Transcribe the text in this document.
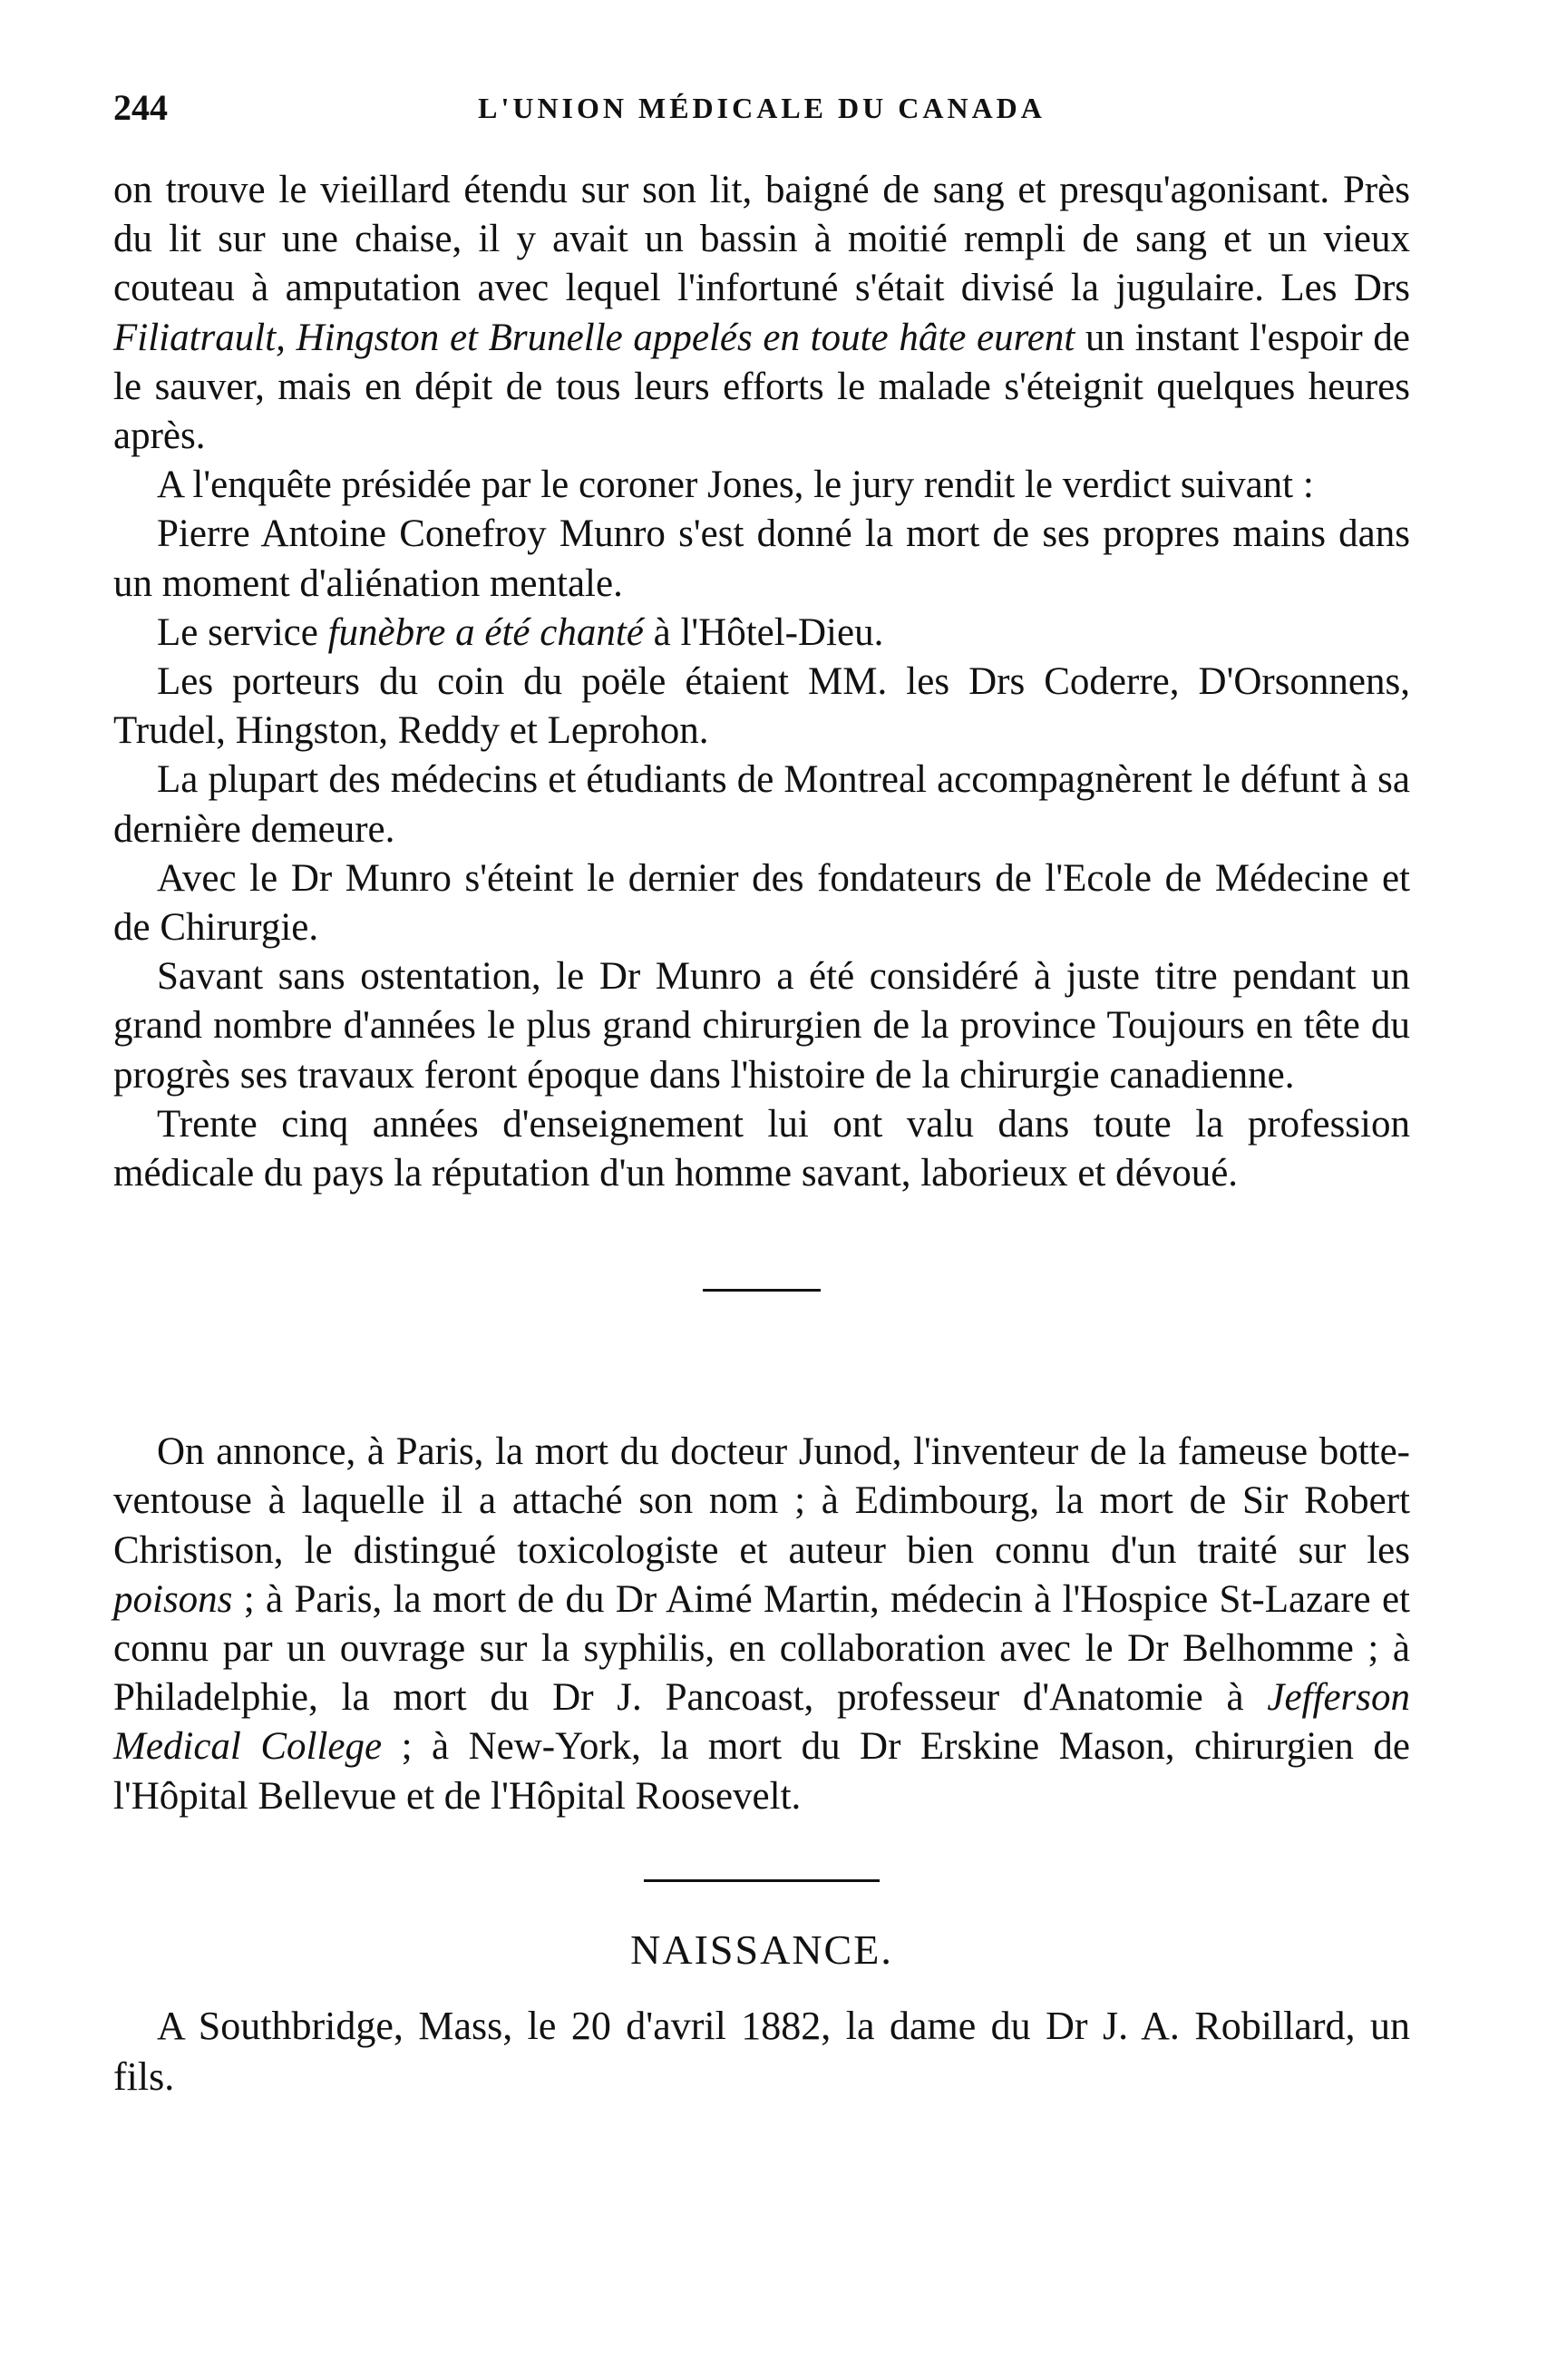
244	L'UNION MÉDICALE DU CANADA

on trouve le vieillard étendu sur son lit, baigné de sang et presqu'agonisant. Près du lit sur une chaise, il y avait un bassin à moitié rempli de sang et un vieux couteau à amputation avec lequel l'infortuné s'était divisé la jugulaire. Les Drs Filiatrault, Hingston et Brunelle appelés en toute hâte eurent un instant l'espoir de le sauver, mais en dépit de tous leurs efforts le malade s'éteignit quelques heures après.

A l'enquête présidée par le coroner Jones, le jury rendit le verdict suivant :

Pierre Antoine Conefroy Munro s'est donné la mort de ses propres mains dans un moment d'aliénation mentale.

Le service funèbre a été chanté à l'Hôtel-Dieu.

Les porteurs du coin du poële étaient MM. les Drs Coderre, D'Orsonnens, Trudel, Hingston, Reddy et Leprohon.

La plupart des médecins et étudiants de Montreal accompagnèrent le défunt à sa dernière demeure.

Avec le Dr Munro s'éteint le dernier des fondateurs de l'Ecole de Médecine et de Chirurgie.

Savant sans ostentation, le Dr Munro a été considéré à juste titre pendant un grand nombre d'années le plus grand chirurgien de la province Toujours en tête du progrès ses travaux feront époque dans l'histoire de la chirurgie canadienne.

Trente cinq années d'enseignement lui ont valu dans toute la profession médicale du pays la réputation d'un homme savant, laborieux et dévoué.

On annonce, à Paris, la mort du docteur Junod, l'inventeur de la fameuse botte-ventouse à laquelle il a attaché son nom ; à Edimbourg, la mort de Sir Robert Christison, le distingué toxicologiste et auteur bien connu d'un traité sur les poisons ; à Paris, la mort de du Dr Aimé Martin, médecin à l'Hospice St-Lazare et connu par un ouvrage sur la syphilis, en collaboration avec le Dr Belhomme ; à Philadelphie, la mort du Dr J. Pancoast, professeur d'Anatomie à Jefferson Medical College ; à New-York, la mort du Dr Erskine Mason, chirurgien de l'Hôpital Bellevue et de l'Hôpital Roosevelt.

NAISSANCE.

A Southbridge, Mass, le 20 d'avril 1882, la dame du Dr J. A. Robillard, un fils.
